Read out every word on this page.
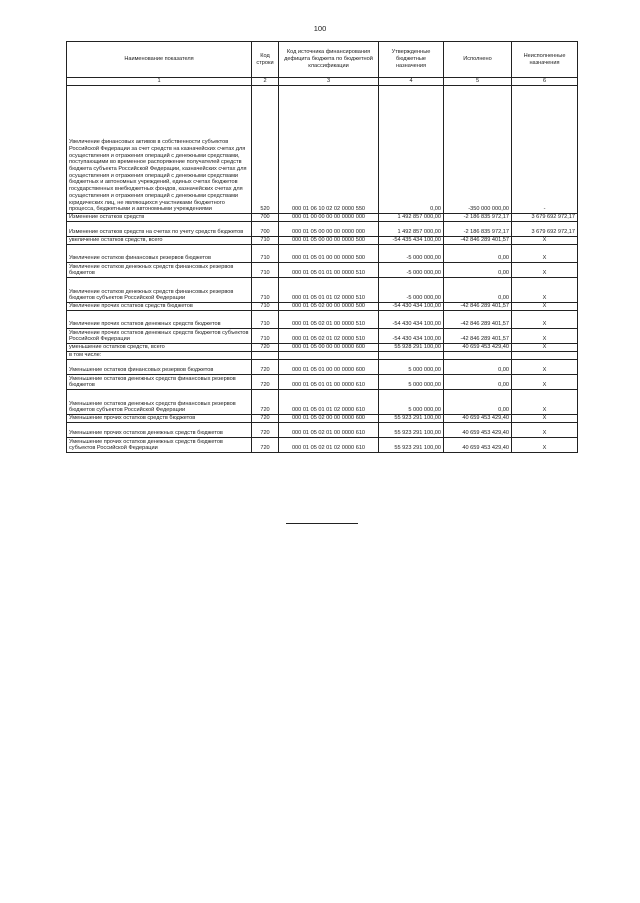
100
Наименование показателя	Код строки	Код источника финансирования дефицита бюджета по бюджетной классификации	Утвержденные бюджетные назначения	Исполнено	Неисполненные назначения
1	2	3	4	5	6
Увеличение финансовых активов в собственности субъектов Российской Федерации за счет средств на казначейских счетах для осуществления и отражения операций с денежными средствами, поступающими во временное распоряжение получателей средств бюджета субъекта Российской Федерации, казначейских счетах для осуществления и отражения операций с денежными средствами бюджетных и автономных учреждений, единых счетах бюджетов государственных внебюджетных фондов, казначейских счетах для осуществления и отражения операций с денежными средствами юридических лиц, не являющихся участниками бюджетного процесса, бюджетными и автономными учреждениями	520	000 01 06 10 02 02 0000 550	0,00	-350 000 000,00	-
Изменение остатков средств	700	000 01 00 00 00 00 0000 000	1 492 857 000,00	-2 186 835 972,17	3 679 692 972,17
Изменение остатков средств на счетах по учету средств бюджетов	700	000 01 05 00 00 00 0000 000	1 492 857 000,00	-2 186 835 972,17	3 679 692 972,17
увеличение остатков средств, всего	710	000 01 05 00 00 00 0000 500	-54 435 434 100,00	-42 846 289 401,57	X
Увеличение остатков финансовых резервов бюджетов	710	000 01 05 01 00 00 0000 500	-5 000 000,00	0,00	X
Увеличение остатков денежных средств финансовых резервов бюджетов	710	000 01 05 01 01 00 0000 510	-5 000 000,00	0,00	X
Увеличение остатков денежных средств финансовых резервов бюджетов субъектов Российской Федерации	710	000 01 05 01 01 02 0000 510	-5 000 000,00	0,00	X
Увеличение прочих остатков средств бюджетов	710	000 01 05 02 00 00 0000 500	-54 430 434 100,00	-42 846 289 401,57	X
Увеличение прочих остатков денежных средств бюджетов	710	000 01 05 02 01 00 0000 510	-54 430 434 100,00	-42 846 289 401,57	X
Увеличение прочих остатков денежных средств бюджетов субъектов Российской Федерации	710	000 01 05 02 01 02 0000 510	-54 430 434 100,00	-42 846 289 401,57	X
уменьшение остатков средств, всего	720	000 01 05 00 00 00 0000 600	55 928 291 100,00	40 659 453 429,40	X
в том числе:					
Уменьшение остатков финансовых резервов бюджетов	720	000 01 05 01 00 00 0000 600	5 000 000,00	0,00	X
Уменьшение остатков денежных средств финансовых резервов бюджетов	720	000 01 05 01 01 00 0000 610	5 000 000,00	0,00	X
Уменьшение остатков денежных средств финансовых резервов бюджетов субъектов Российской Федерации	720	000 01 05 01 01 02 0000 610	5 000 000,00	0,00	X
Уменьшение прочих остатков средств бюджетов	720	000 01 05 02 00 00 0000 600	55 923 291 100,00	40 659 453 429,40	X
Уменьшение прочих остатков денежных средств бюджетов	720	000 01 05 02 01 00 0000 610	55 923 291 100,00	40 659 453 429,40	X
Уменьшение прочих остатков денежных средств бюджетов субъектов Российской Федерации	720	000 01 05 02 01 02 0000 610	55 923 291 100,00	40 659 453 429,40	X
